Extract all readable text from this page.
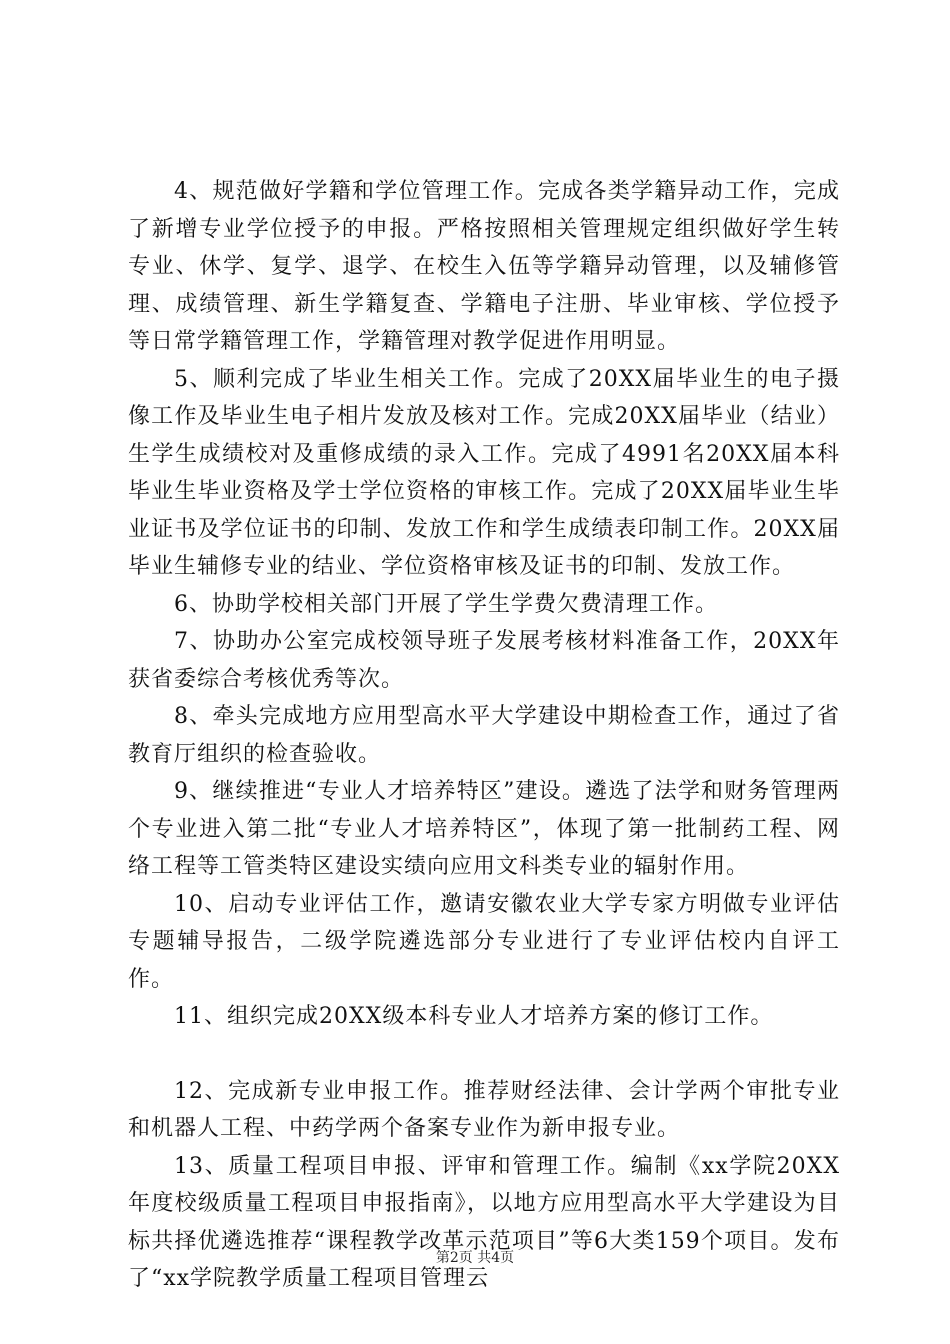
4、规范做好学籍和学位管理工作。完成各类学籍异动工作，完成了新增专业学位授予的申报。严格按照相关管理规定组织做好学生转专业、休学、复学、退学、在校生入伍等学籍异动管理，以及辅修管理、成绩管理、新生学籍复查、学籍电子注册、毕业审核、学位授予等日常学籍管理工作，学籍管理对教学促进作用明显。

5、顺利完成了毕业生相关工作。完成了20XX届毕业生的电子摄像工作及毕业生电子相片发放及核对工作。完成20XX届毕业（结业）生学生成绩校对及重修成绩的录入工作。完成了4991名20XX届本科毕业生毕业资格及学士学位资格的审核工作。完成了20XX届毕业生毕业证书及学位证书的印制、发放工作和学生成绩表印制工作。20XX届毕业生辅修专业的结业、学位资格审核及证书的印制、发放工作。

6、协助学校相关部门开展了学生学费欠费清理工作。

7、协助办公室完成校领导班子发展考核材料准备工作，20XX年获省委综合考核优秀等次。

8、牵头完成地方应用型高水平大学建设中期检查工作，通过了省教育厅组织的检查验收。

9、继续推进“专业人才培养特区”建设。遴选了法学和财务管理两个专业进入第二批“专业人才培养特区”，体现了第一批制药工程、网络工程等工管类特区建设实绩向应用文科类专业的辐射作用。

10、启动专业评估工作，邀请安徽农业大学专家方明做专业评估专题辅导报告，二级学院遴选部分专业进行了专业评估校内自评工作。

11、组织完成20XX级本科专业人才培养方案的修订工作。

12、完成新专业申报工作。推荐财经法律、会计学两个审批专业和机器人工程、中药学两个备案专业作为新申报专业。

13、质量工程项目申报、评审和管理工作。编制《xx学院20XX年度校级质量工程项目申报指南》，以地方应用型高水平大学建设为目标共择优遴选推荐“课程教学改革示范项目”等6大类159个项目。发布了“xx学院教学质量工程项目管理云

第2页 共4页
